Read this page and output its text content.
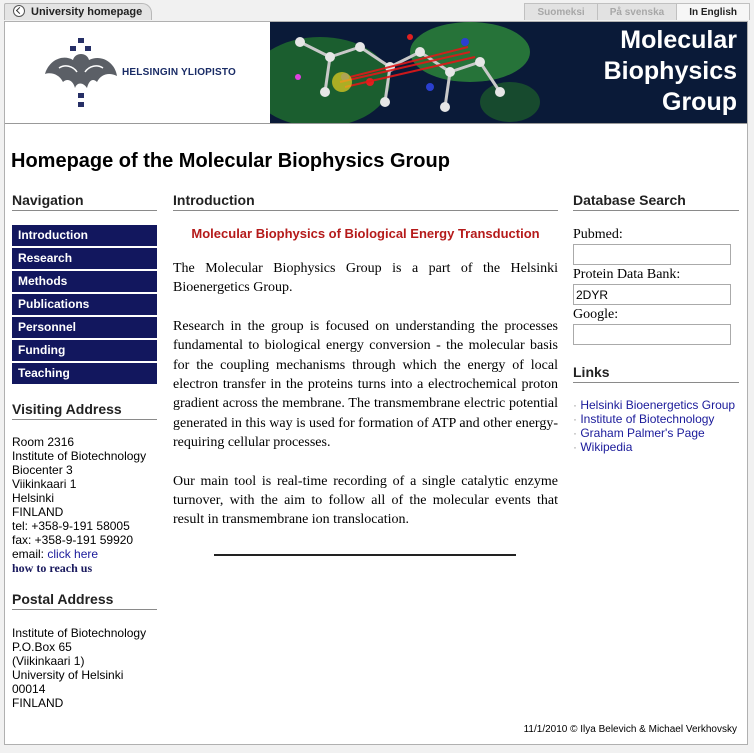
University homepage	Suomeksi	På svenska	In English
HELSINGIN YLIOPISTO
Molecular
Biophysics
Group
Homepage of the Molecular Biophysics Group
Navigation
Introduction
Research
Methods
Publications
Personnel
Funding
Teaching
Visiting Address
Room 2316
Institute of Biotechnology
Biocenter 3
Viikinkaari 1
Helsinki
FINLAND
tel: +358-9-191 58005
fax: +358-9-191 59920
email: click here
how to reach us
Postal Address
Institute of Biotechnology
P.O.Box 65
(Viikinkaari 1)
University of Helsinki
00014
FINLAND
Introduction
Molecular Biophysics of Biological Energy Transduction

The Molecular Biophysics Group is a part of the Helsinki Bioenergetics Group.

Research in the group is focused on understanding the processes fundamental to biological energy conversion - the molecular basis for the coupling mechanisms through which the energy of local electron transfer in the proteins turns into a electrochemical proton gradient across the membrane. The transmembrane electric potential generated in this way is used for formation of ATP and other energy-requiring cellular processes.

Our main tool is real-time recording of a single catalytic enzyme turnover, with the aim to follow all of the molecular events that result in transmembrane ion translocation.

Database Search
Pubmed:
Protein Data Bank:
2DYR
Google:
Links
· Helsinki Bioenergetics Group
· Institute of Biotechnology
· Graham Palmer's Page
· Wikipedia
11/1/2010 © Ilya Belevich & Michael Verkhovsky
